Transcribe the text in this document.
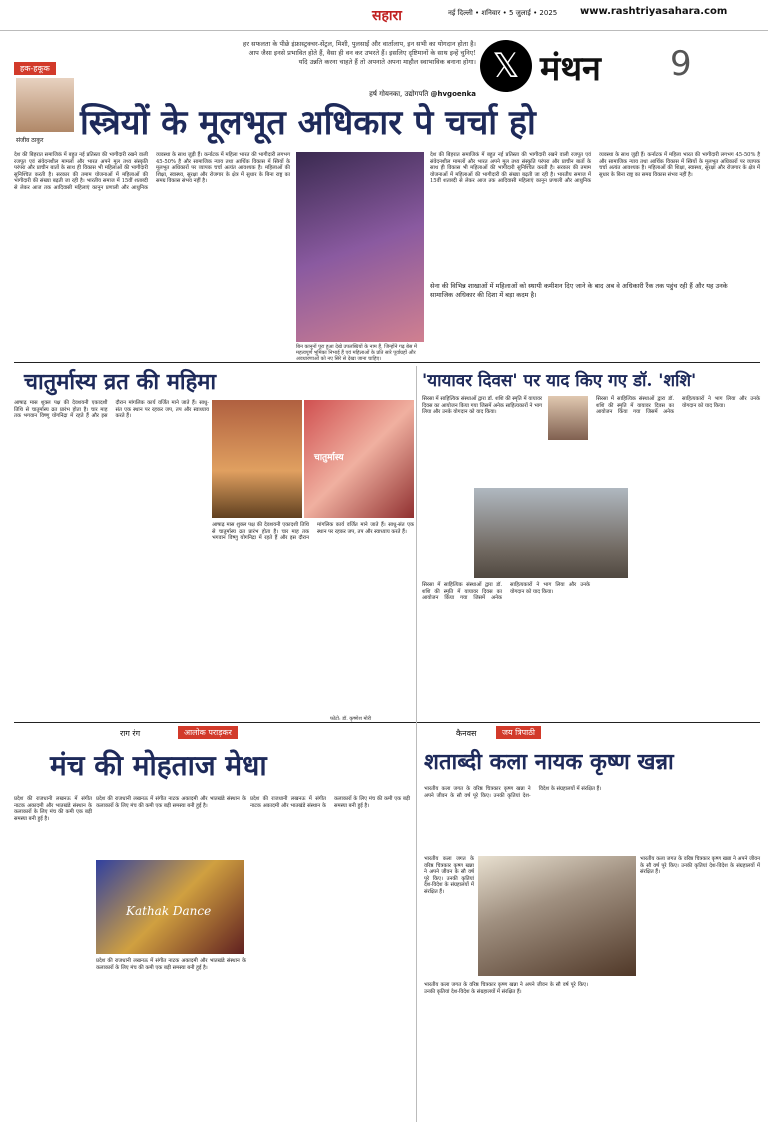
सहारा	नई दिल्ली • शनिवार • 5 जुलाई • 2025 www.rashtriyasahara.com
हर सफलता के पीछे इंफ्रास्ट्रक्चर-सेंट्रल, मिशी, पुलसाईं और वार्तालाप, इन सभी का योगदान होता है। आप जैसा इनसे प्रभावित होते हैं, वैसा ही वन कर उभरते हैं। इसलिए दृष्टिमानों के साथ इन्हें चुनिए! यदि उन्नति करना चाहते हैं तो अपनाते अपना माहौल स्वाभाविक बनाना होगा।
हर्ष गोयनका, उद्योगपति @hvgoenka
𝕏 मंथन 9
हक-हकूक
संजीव ठाकुर स्त्रियों के मूलभूत अधिकार पे चर्चा हो
देश की बिहरात समाजिकं में बहुत नई प्रतिस्ता की भागीदारी रखने वाली रजपूत एवं संवेदनशील मामलों और भारत अपने मूल तथ्य संस्कृति परंपरा और प्राचीन बातों के साथ ही विकास भी महिलाओं की भागीदारी सुनिश्चित करती है। सरकार की तमाम योजनाओं में महिलाओं की भागीदारी की संख्या बढ़ती जा रही है। भारतीय समाज में 15वीं शताब्दी से लेकर आज तक आदिवासी महिलाएं कानून प्रणाली और आधुनिक व्यवस्था के साथ जुड़ी हैं। कर्नाटक में महिला भारत की भागीदारी लगभग 45-50% है और सामाजिक न्याय तथा आर्थिक विकास में स्त्रियों के मूलभूत अधिकारों पर व्यापक चर्चा अत्यंत आवश्यक है। महिलाओं की शिक्षा, स्वास्थ्य, सुरक्षा और रोजगार के क्षेत्र में सुधार के बिना राष्ट्र का समग्र विकास संभव नहीं है।
बिन कानूनों पूरा हुआ देखे उपलब्धियों के नाम हैं, जिन्होंने गढ़ बेस में महत्वपूर्ण भूमिका निभाई हैं एवं महिलाओं के प्रति सारे पूर्वाग्रहों और अवधारणाओं को नए सिरे से देखा जाना चाहिए।
देश की बिहरात समाजिकं में बहुत नई प्रतिस्ता की भागीदारी रखने वाली रजपूत एवं संवेदनशील मामलों और भारत अपने मूल तथ्य संस्कृति परंपरा और प्राचीन बातों के साथ ही विकास भी महिलाओं की भागीदारी सुनिश्चित करती है। सरकार की तमाम योजनाओं में महिलाओं की भागीदारी की संख्या बढ़ती जा रही है। भारतीय समाज में 15वीं शताब्दी से लेकर आज तक आदिवासी महिलाएं कानून प्रणाली और आधुनिक व्यवस्था के साथ जुड़ी हैं। कर्नाटक में महिला भारत की भागीदारी लगभग 45-50% है और सामाजिक न्याय तथा आर्थिक विकास में स्त्रियों के मूलभूत अधिकारों पर व्यापक चर्चा अत्यंत आवश्यक है। महिलाओं की शिक्षा, स्वास्थ्य, सुरक्षा और रोजगार के क्षेत्र में सुधार के बिना राष्ट्र का समग्र विकास संभव नहीं है।
सेना की विभिन्न शाखाओं में महिलाओं को स्थायी कमीशन दिए जाने के बाद अब वे अधिकारी रैंक तक पहुंच रही हैं और यह उनके सामाजिक अधिकार की दिशा में बड़ा कदम है।
चातुर्मास्य व्रत की महिमा
आषाढ़ मास शुक्ल पक्ष की देवशयनी एकादशी तिथि से चातुर्मास्य व्रत प्रारंभ होता है। चार माह तक भगवान विष्णु योगनिद्रा में रहते हैं और इस दौरान मांगलिक कार्य वर्जित माने जाते हैं। साधु-संत एक स्थान पर रहकर जप, तप और स्वाध्याय करते हैं।
चातुर्मास्य
आषाढ़ मास शुक्ल पक्ष की देवशयनी एकादशी तिथि से चातुर्मास्य व्रत प्रारंभ होता है। चार माह तक भगवान विष्णु योगनिद्रा में रहते हैं और इस दौरान मांगलिक कार्य वर्जित माने जाते हैं। साधु-संत एक स्थान पर रहकर जप, तप और स्वाध्याय करते हैं।
फोटो: डॉ. कृष्णेश मोरी
'यायावर दिवस' पर याद किए गए डॉ. 'शशि'
सिरसा में साहित्यिक संस्थाओं द्वारा डॉ. शशि की स्मृति में यायावर दिवस का आयोजन किया गया जिसमें अनेक साहित्यकारों ने भाग लिया और उनके योगदान को याद किया।
सिरसा में साहित्यिक संस्थाओं द्वारा डॉ. शशि की स्मृति में यायावर दिवस का आयोजन किया गया जिसमें अनेक साहित्यकारों ने भाग लिया और उनके योगदान को याद किया।
सिरसा में साहित्यिक संस्थाओं द्वारा डॉ. शशि की स्मृति में यायावर दिवस का आयोजन किया गया जिसमें अनेक साहित्यकारों ने भाग लिया और उनके योगदान को याद किया।
राग रंग	आलोक पराड़कर
मंच की मोहताज मेधा
प्रदेश की राजधानी लखनऊ में संगीत नाटक अकादमी और भातखंडे संस्थान के कलाकारों के लिए मंच की कमी एक बड़ी समस्या बनी हुई है।
Kathak Dance
प्रदेश की राजधानी लखनऊ में संगीत नाटक अकादमी और भातखंडे संस्थान के कलाकारों के लिए मंच की कमी एक बड़ी समस्या बनी हुई है।
प्रदेश की राजधानी लखनऊ में संगीत नाटक अकादमी और भातखंडे संस्थान के कलाकारों के लिए मंच की कमी एक बड़ी समस्या बनी हुई है।
प्रदेश की राजधानी लखनऊ में संगीत नाटक अकादमी और भातखंडे संस्थान के कलाकारों के लिए मंच की कमी एक बड़ी समस्या बनी हुई है।
कैनवस	जय त्रिपाठी
शताब्दी कला नायक कृष्ण खन्ना
भारतीय कला जगत के वरिष्ठ चित्रकार कृष्ण खन्ना ने अपने जीवन के सौ वर्ष पूरे किए। उनकी कृतियां देश-विदेश के संग्रहालयों में संरक्षित हैं।
भारतीय कला जगत के वरिष्ठ चित्रकार कृष्ण खन्ना ने अपने जीवन के सौ वर्ष पूरे किए। उनकी कृतियां देश-विदेश के संग्रहालयों में संरक्षित हैं।
भारतीय कला जगत के वरिष्ठ चित्रकार कृष्ण खन्ना ने अपने जीवन के सौ वर्ष पूरे किए। उनकी कृतियां देश-विदेश के संग्रहालयों में संरक्षित हैं।
भारतीय कला जगत के वरिष्ठ चित्रकार कृष्ण खन्ना ने अपने जीवन के सौ वर्ष पूरे किए। उनकी कृतियां देश-विदेश के संग्रहालयों में संरक्षित हैं।
